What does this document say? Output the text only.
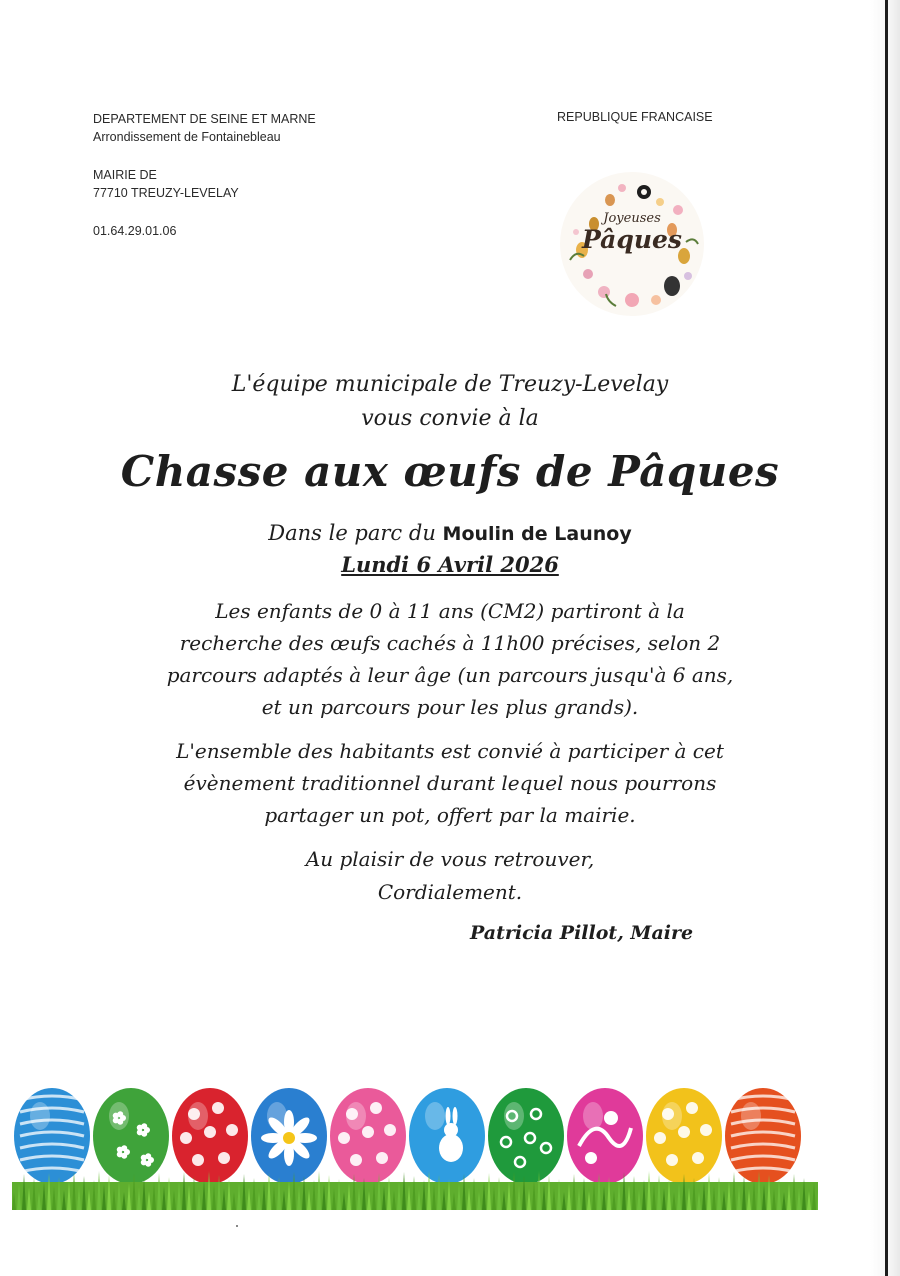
DEPARTEMENT DE SEINE ET MARNE

Arrondissement de Fontainebleau

MAIRIE DE

77710 TREUZY-LEVELAY

01.64.29.01.06

REPUBLIQUE FRANCAISE
Joyeuses
Pâques
L'équipe municipale de Treuzy-Levelay
vous convie à la
Chasse aux œufs de Pâques
Dans le parc du Moulin de Launoy
Lundi 6 Avril 2026
Les enfants de 0 à 11 ans (CM2) partiront à la
recherche des œufs cachés à 11h00 précises, selon 2
parcours adaptés à leur âge (un parcours jusqu'à 6 ans,
et un parcours pour les plus grands).
L'ensemble des habitants est convié à participer à cet
évènement traditionnel durant lequel nous pourrons
partager un pot, offert par la mairie.
Au plaisir de vous retrouver,
Cordialement.
Patricia Pillot, Maire
